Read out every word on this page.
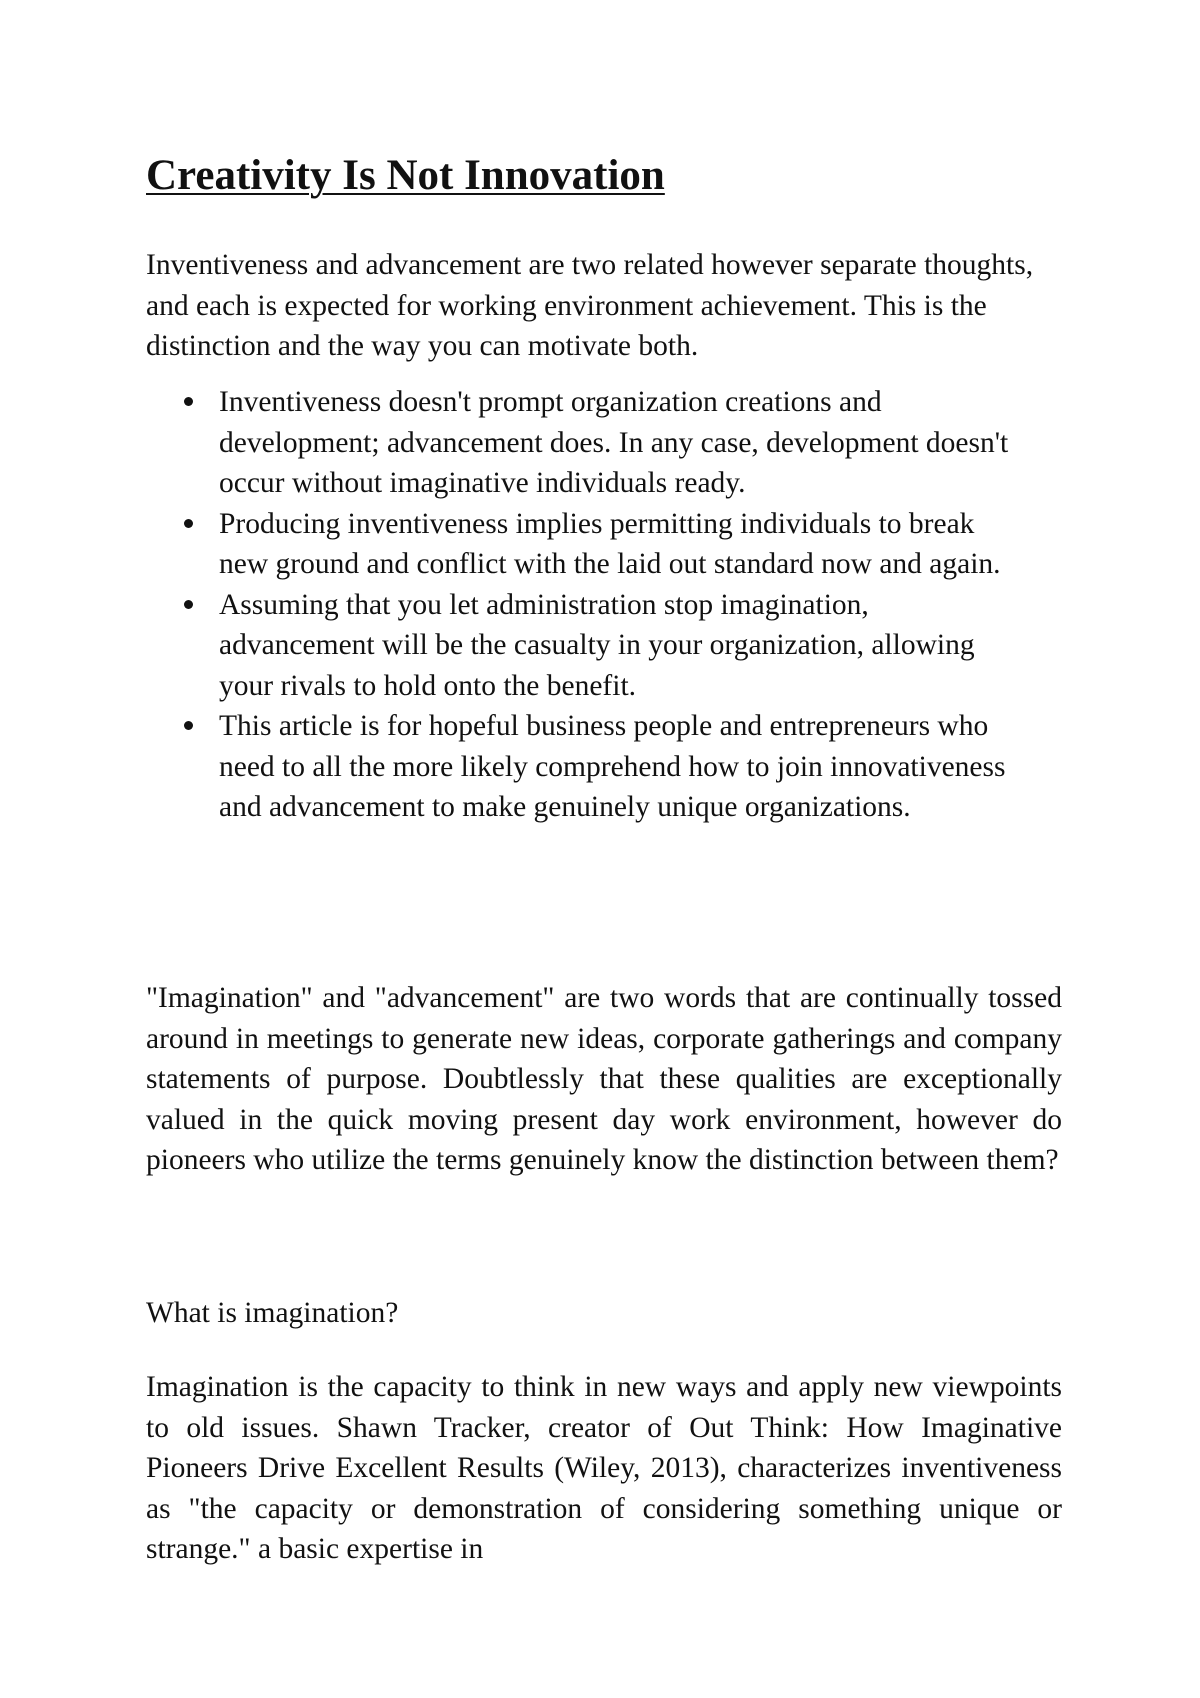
Creativity Is Not Innovation

Inventiveness and advancement are two related however separate thoughts, and each is expected for working environment achievement. This is the distinction and the way you can motivate both.

Inventiveness doesn't prompt organization creations and development; advancement does. In any case, development doesn't occur without imaginative individuals ready.
Producing inventiveness implies permitting individuals to break new ground and conflict with the laid out standard now and again.
Assuming that you let administration stop imagination, advancement will be the casualty in your organization, allowing your rivals to hold onto the benefit.
This article is for hopeful business people and entrepreneurs who need to all the more likely comprehend how to join innovativeness and advancement to make genuinely unique organizations.

"Imagination" and "advancement" are two words that are continually tossed around in meetings to generate new ideas, corporate gatherings and company statements of purpose. Doubtlessly that these qualities are exceptionally valued in the quick moving present day work environment, however do pioneers who utilize the terms genuinely know the distinction between them?

What is imagination?

Imagination is the capacity to think in new ways and apply new viewpoints to old issues. Shawn Tracker, creator of Out Think: How Imaginative Pioneers Drive Excellent Results (Wiley, 2013), characterizes inventiveness as "the capacity or demonstration of considering something unique or strange." a basic expertise in
